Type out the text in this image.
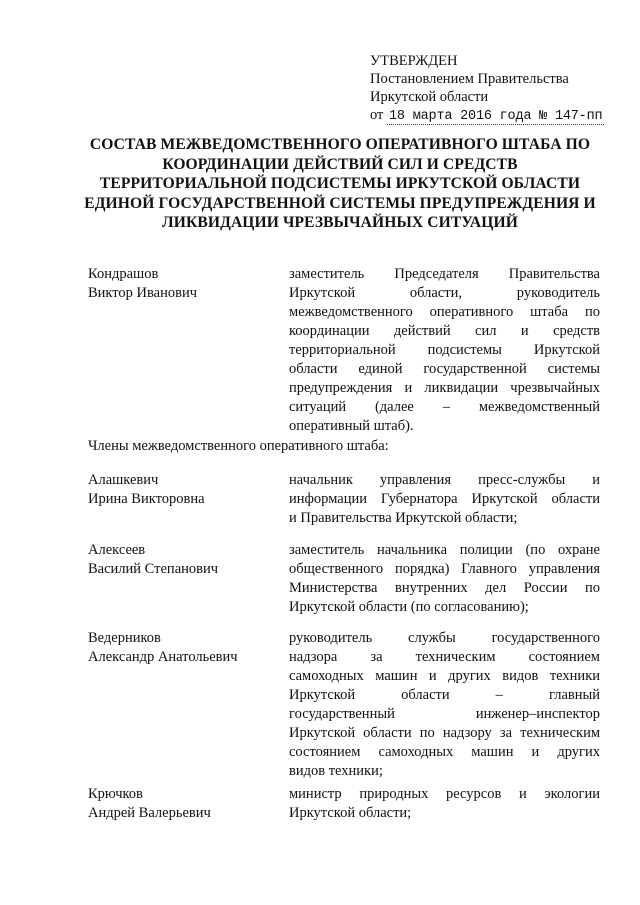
УТВЕРЖДЕН
Постановлением Правительства
Иркутской области
от 18 марта 2016 года № 147-пп
СОСТАВ МЕЖВЕДОМСТВЕННОГО ОПЕРАТИВНОГО ШТАБА ПО
КООРДИНАЦИИ ДЕЙСТВИЙ СИЛ И СРЕДСТВ
ТЕРРИТОРИАЛЬНОЙ ПОДСИСТЕМЫ ИРКУТСКОЙ ОБЛАСТИ
ЕДИНОЙ ГОСУДАРСТВЕННОЙ СИСТЕМЫ ПРЕДУПРЕЖДЕНИЯ И
ЛИКВИДАЦИИ ЧРЕЗВЫЧАЙНЫХ СИТУАЦИЙ
Кондрашов
Виктор Иванович
заместитель Председателя Правительства
Иркутской области, руководитель
межведомственного оперативного штаба по
координации действий сил и средств
территориальной подсистемы Иркутской
области единой государственной системы
предупреждения и ликвидации чрезвычайных
ситуаций (далее – межведомственный
оперативный штаб).
Члены межведомственного оперативного штаба:
Алашкевич
Ирина Викторовна
начальник управления пресс-службы и
информации Губернатора Иркутской области
и Правительства Иркутской области;
Алексеев
Василий Степанович
заместитель начальника полиции (по охране
общественного порядка) Главного управления
Министерства внутренних дел России по
Иркутской области (по согласованию);
Ведерников
Александр Анатольевич
руководитель службы государственного
надзора за техническим состоянием
самоходных машин и других видов техники
Иркутской области – главный
государственный инженер–инспектор
Иркутской области по надзору за техническим
состоянием самоходных машин и других
видов техники;
Крючков
Андрей Валерьевич
министр природных ресурсов и экологии
Иркутской области;
